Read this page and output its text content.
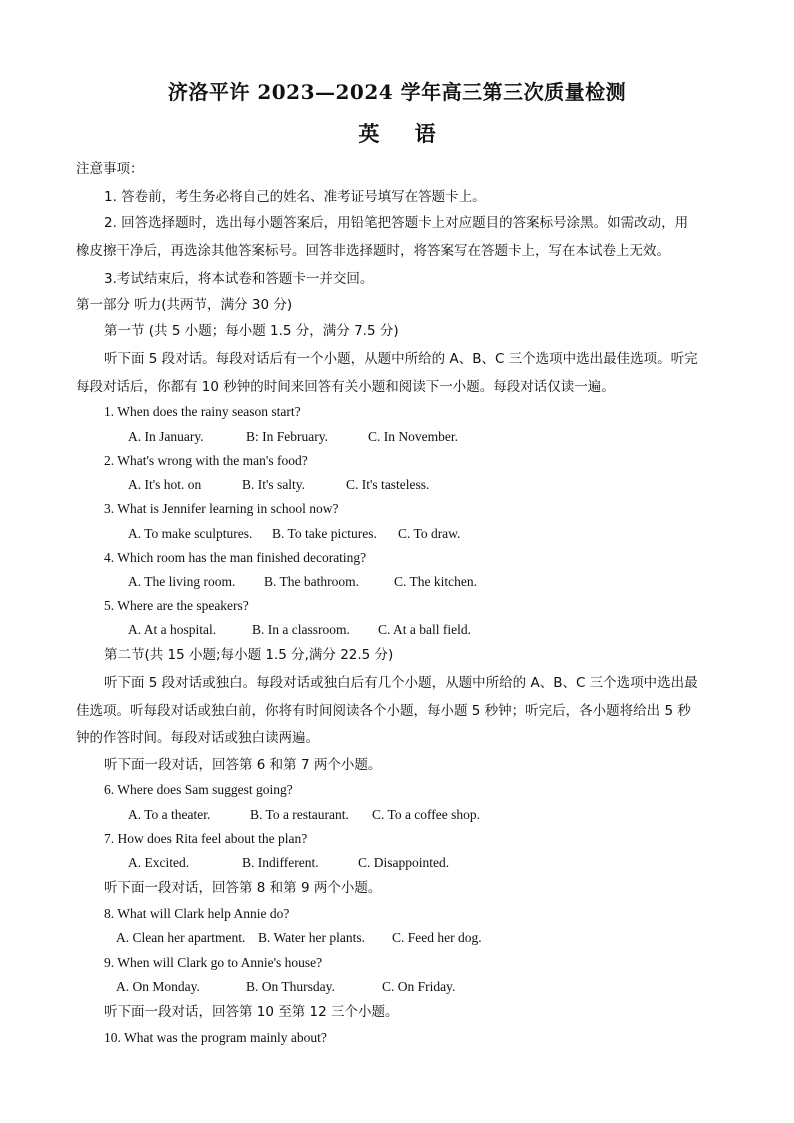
济洛平许 2023—2024 学年高三第三次质量检测
英 语
注意事项：
1. 答卷前，考生务必将自己的姓名、准考证号填写在答题卡上。
2. 回答选择题时，选出每小题答案后，用铅笔把答题卡上对应题目的答案标号涂黑。如需改动，用
橡皮擦干净后，再选涂其他答案标号。回答非选择题时，将答案写在答题卡上，写在本试卷上无效。
3.考试结束后，将本试卷和答题卡一并交回。
第一部分 听力(共两节，满分 30 分)
第一节 (共 5 小题；每小题 1.5 分，满分 7.5 分)
听下面 5 段对话。每段对话后有一个小题，从题中所给的 A、B、C 三个选项中选出最佳选项。听完
每段对话后，你都有 10 秒钟的时间来回答有关小题和阅读下一小题。每段对话仅读一遍。
1. When does the rainy season start?
A. In January.	B: In February.	C. In November.
2. What's wrong with the man's food?
A. It's hot. on	B. It's salty.	C. It's tasteless.
3. What is Jennifer learning in school now?
A. To make sculptures. B. To take pictures. C. To draw.
4. Which room has the man finished decorating?
A. The living room. B. The bathroom.	C. The kitchen.
5. Where are the speakers?
A. At a hospital.	B. In a classroom. C. At a ball field.
第二节(共 15 小题;每小题 1.5 分,满分 22.5 分)
听下面 5 段对话或独白。每段对话或独白后有几个小题，从题中所给的 A、B、C 三个选项中选出最
佳选项。听每段对话或独白前，你将有时间阅读各个小题，每小题 5 秒钟；听完后，各小题将给出 5 秒
钟的作答时间。每段对话或独白读两遍。
听下面一段对话，回答第 6 和第 7 两个小题。
6. Where does Sam suggest going?
A. To a theater.	B. To a restaurant. C. To a coffee shop.
7. How does Rita feel about the plan?
A. Excited.	B. Indifferent.	C. Disappointed.
听下面一段对话，回答第 8 和第 9 两个小题。
8. What will Clark help Annie do?
A. Clean her apartment. B. Water her plants. C. Feed her dog.
9. When will Clark go to Annie's house?
A. On Monday.	B. On Thursday.	C. On Friday.
听下面一段对话，回答第 10 至第 12 三个小题。
10. What was the program mainly about?
